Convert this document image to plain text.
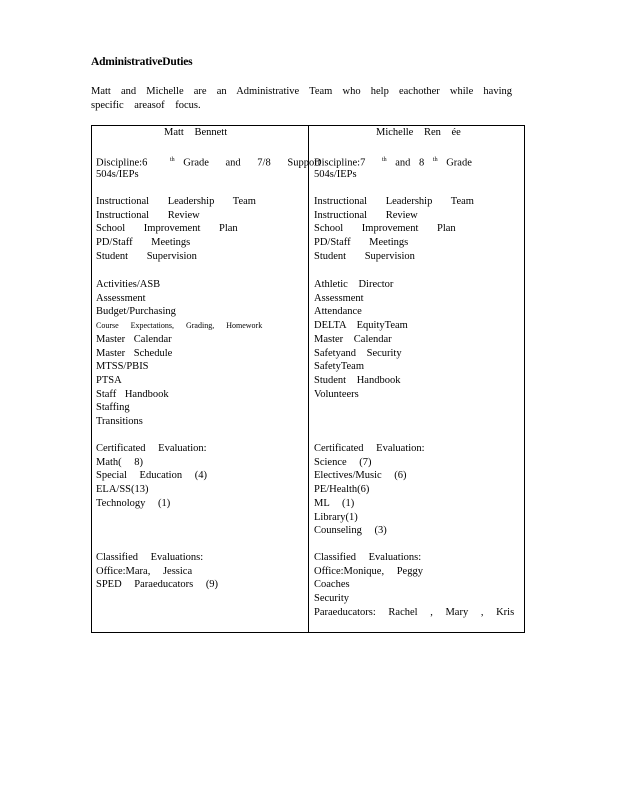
AdministrativeDuties
Matt and Michelle are an Administrative Team who help eachother while having
specific areasof focus.
Matt Bennett
Discipline:6	$^{th}$ Grade and 7/8 Support
504s/IEPs
Instructional Leadership Team
Instructional Review
School Improvement Plan
PD/Staff Meetings
Student Supervision
Activities/ASB
Assessment
Budget/Purchasing
Course Expectations, Grading, Homework
Master Calendar
Master Schedule
MTSS/PBIS
PTSA
Staff Handbook
Staffing
Transitions
Certificated Evaluation:
Math( 8)
Special Education (4)
ELA/SS(13)
Technology (1)
Classified Evaluations:
Office:Mara, Jessica
SPED Paraeducators (9)
Michelle Ren ée
Discipline:7	$^{th}$ and 8 $^{th}$ Grade
504s/IEPs
Instructional Leadership Team
Instructional Review
School Improvement Plan
PD/Staff Meetings
Student Supervision
Athletic Director
Assessment
Attendance
DELTA EquityTeam
Master Calendar
Safetyand Security
SafetyTeam
Student Handbook
Volunteers
Certificated Evaluation:
Science (7)
Electives/Music (6)
PE/Health(6)
ML (1)
Library(1)
Counseling (3)
Classified Evaluations:
Office:Monique, Peggy
Coaches
Security
Paraeducators: Rachel , Mary , Kris
